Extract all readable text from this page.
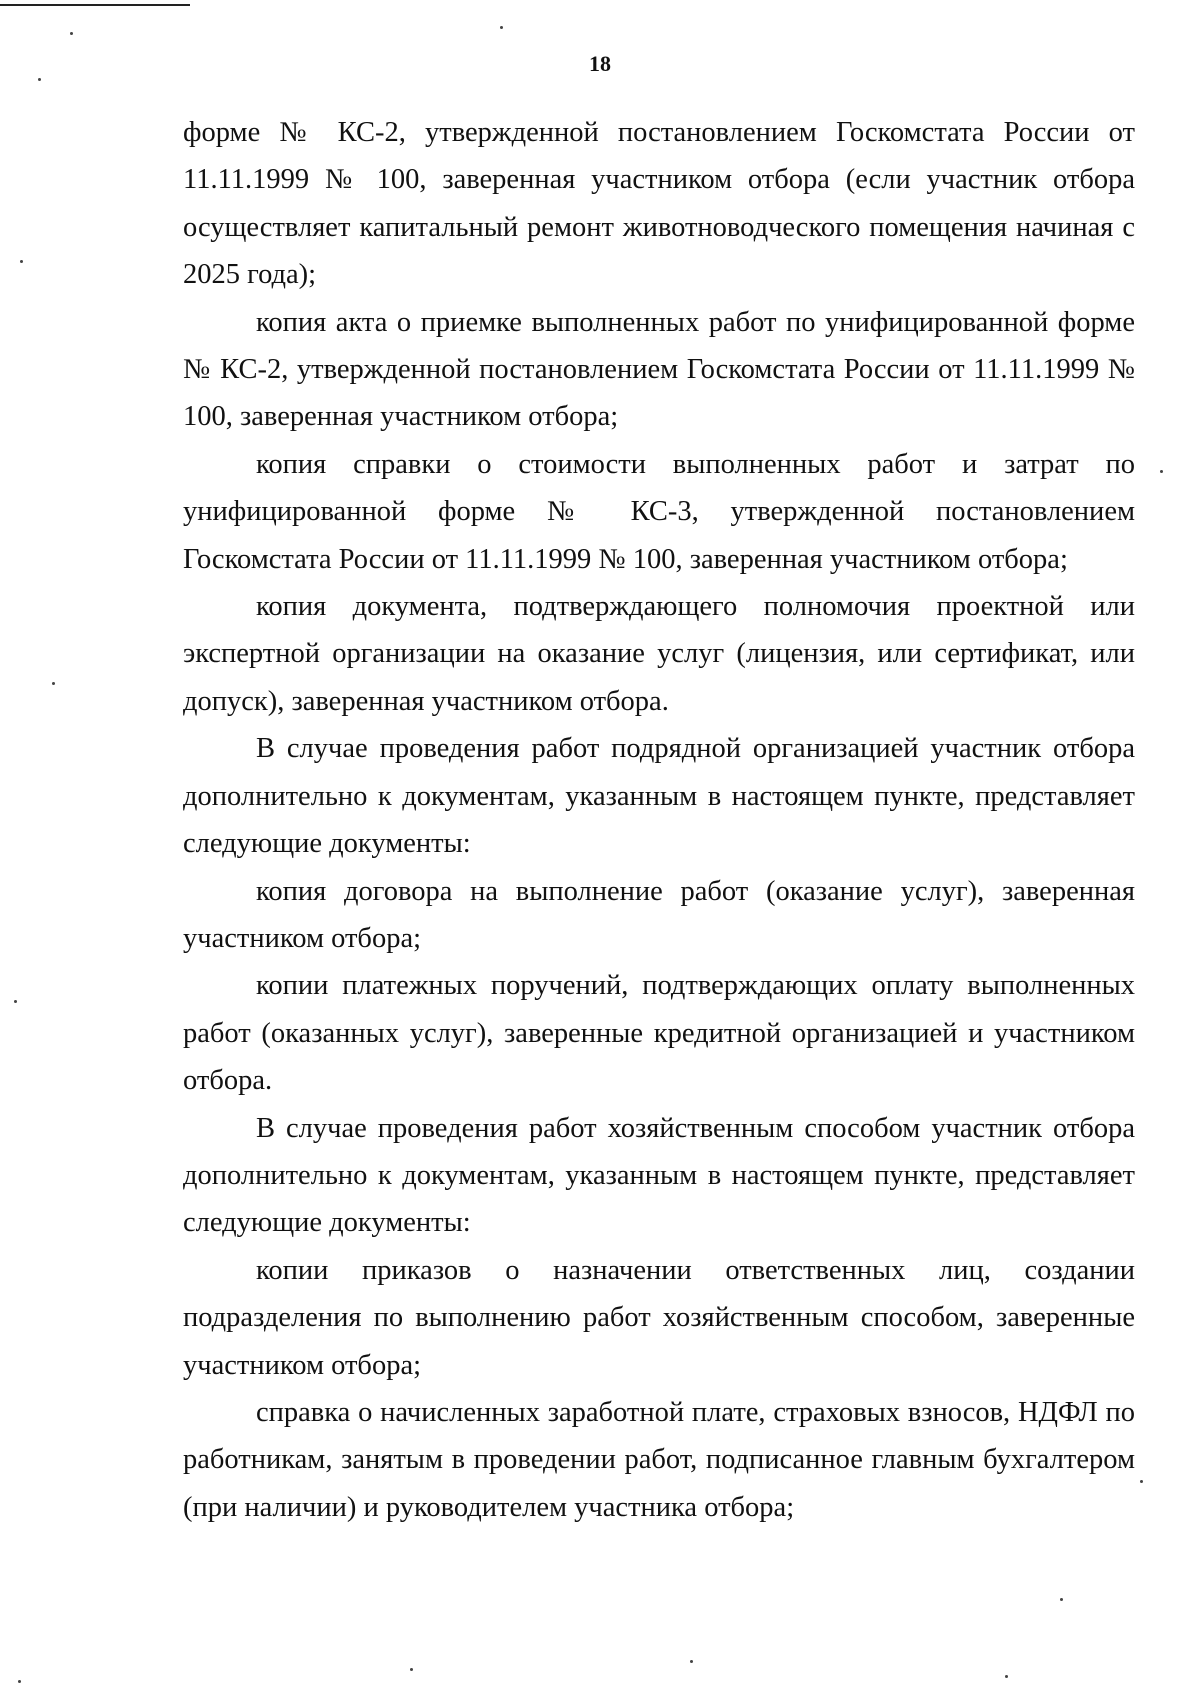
18

форме № КС-2, утвержденной постановлением Госкомстата России от 11.11.1999 № 100, заверенная участником отбора (если участник отбора осуществляет капитальный ремонт животноводческого помещения начиная с 2025 года);

копия акта о приемке выполненных работ по унифицированной форме № КС-2, утвержденной постановлением Госкомстата России от 11.11.1999 № 100, заверенная участником отбора;

копия справки о стоимости выполненных работ и затрат по унифицированной форме № КС-3, утвержденной постановлением Госкомстата России от 11.11.1999 № 100, заверенная участником отбора;

копия документа, подтверждающего полномочия проектной или экспертной организации на оказание услуг (лицензия, или сертификат, или допуск), заверенная участником отбора.

В случае проведения работ подрядной организацией участник отбора дополнительно к документам, указанным в настоящем пункте, представляет следующие документы:

копия договора на выполнение работ (оказание услуг), заверенная участником отбора;

копии платежных поручений, подтверждающих оплату выполненных работ (оказанных услуг), заверенные кредитной организацией и участником отбора.

В случае проведения работ хозяйственным способом участник отбора дополнительно к документам, указанным в настоящем пункте, представляет следующие документы:

копии приказов о назначении ответственных лиц, создании подразделения по выполнению работ хозяйственным способом, заверенные участником отбора;

справка о начисленных заработной плате, страховых взносов, НДФЛ по работникам, занятым в проведении работ, подписанное главным бухгалтером (при наличии) и руководителем участника отбора;
